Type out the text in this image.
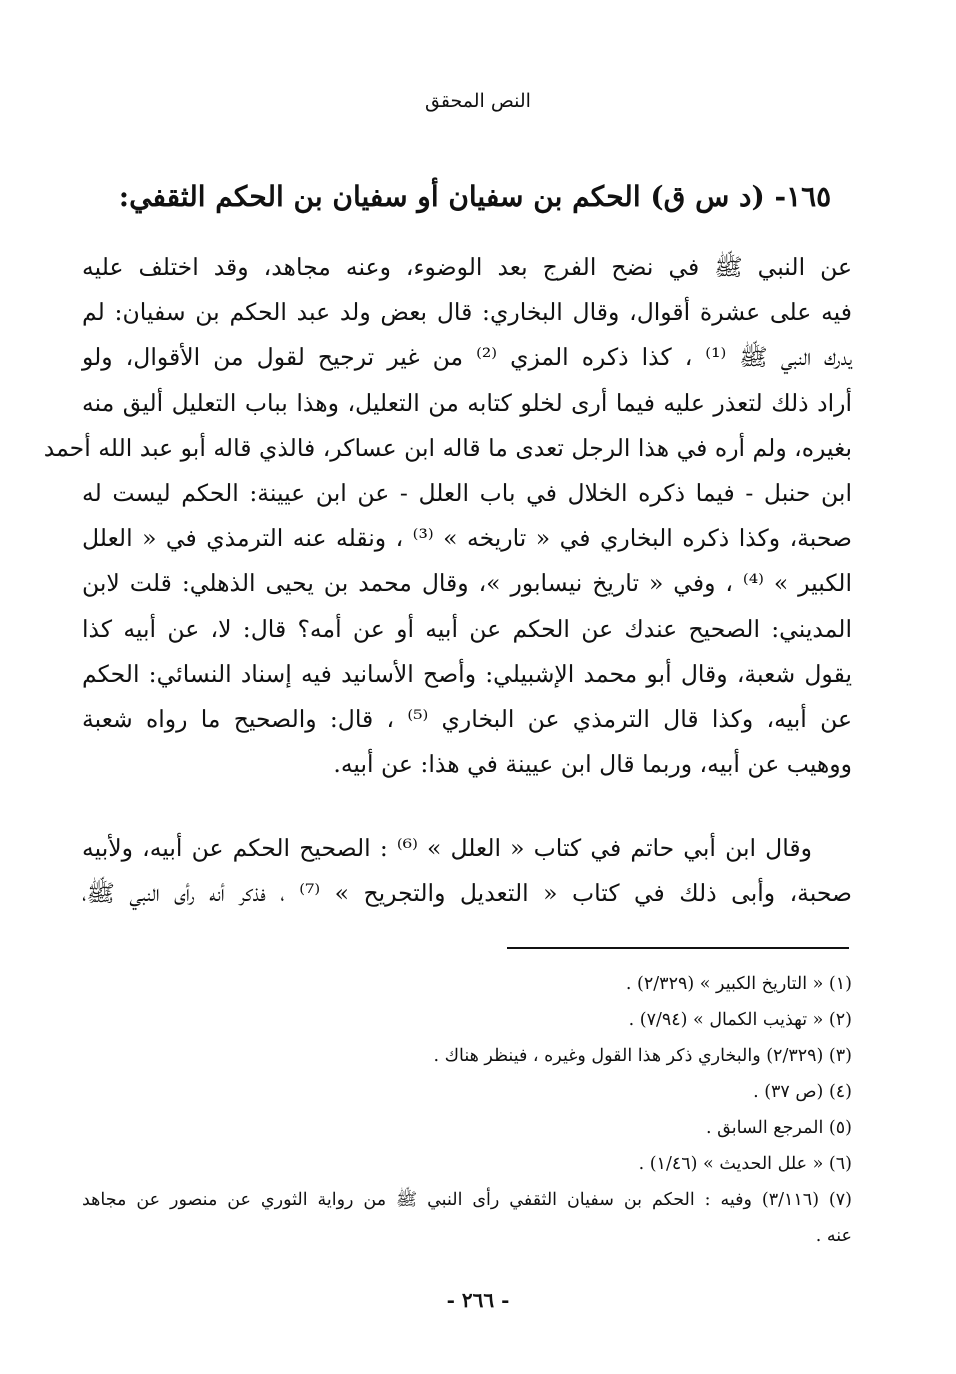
النص المحقق
١٦٥- (د س ق) الحكم بن سفيان أو سفيان بن الحكم الثقفي:
عن النبي ﷺ في نضح الفرج بعد الوضوء، وعنه مجاهد، وقد اختلف عليه
فيه على عشرة أقوال، وقال البخاري: قال بعض ولد عبد الحكم بن سفيان: لم
يدرك النبي ﷺ ⁽¹⁾ ، كذا ذكره المزي ⁽²⁾ من غير ترجيح لقول من الأقوال، ولو
أراد ذلك لتعذر عليه فيما أرى لخلو كتابه من التعليل، وهذا بباب التعليل أليق منه
بغيره، ولم أره في هذا الرجل تعدى ما قاله ابن عساكر، فالذي قاله أبو عبد الله أحمد
ابن حنبل - فيما ذكره الخلال في باب العلل - عن ابن عيينة: الحكم ليست له
صحبة، وكذا ذكره البخاري في « تاريخه » ⁽³⁾ ، ونقله عنه الترمذي في « العلل
الكبير » ⁽⁴⁾ ، وفي « تاريخ نيسابور »، وقال محمد بن يحيى الذهلي: قلت لابن
المديني: الصحيح عندك عن الحكم عن أبيه أو عن أمه؟ قال: لا، عن أبيه كذا
يقول شعبة، وقال أبو محمد الإشبيلي: وأصح الأسانيد فيه إسناد النسائي: الحكم
عن أبيه، وكذا قال الترمذي عن البخاري ⁽⁵⁾ ، قال: والصحيح ما رواه شعبة
ووهيب عن أبيه، وربما قال ابن عيينة في هذا: عن أبيه.
وقال ابن أبي حاتم في كتاب « العلل » ⁽⁶⁾ : الصحيح الحكم عن أبيه، ولأبيه
صحبة، وأبى ذلك في كتاب « التعديل والتجريح » ⁽⁷⁾ ، فذكر أنه رأى النبي ﷺ،
(١) « التاريخ الكبير » (٢/٣٢٩) .
(٢) « تهذيب الكمال » (٧/٩٤) .
(٣) (٢/٣٢٩) والبخاري ذكر هذا القول وغيره ، فينظر هناك .
(٤) (ص ٣٧) .
(٥) المرجع السابق .
(٦) « علل الحديث » (١/٤٦) .
(٧) (٣/١١٦) وفيه : الحكم بن سفيان الثقفي رأى النبي ﷺ من رواية الثوري عن منصور عن مجاهد
عنه .
- ٢٦٦ -
